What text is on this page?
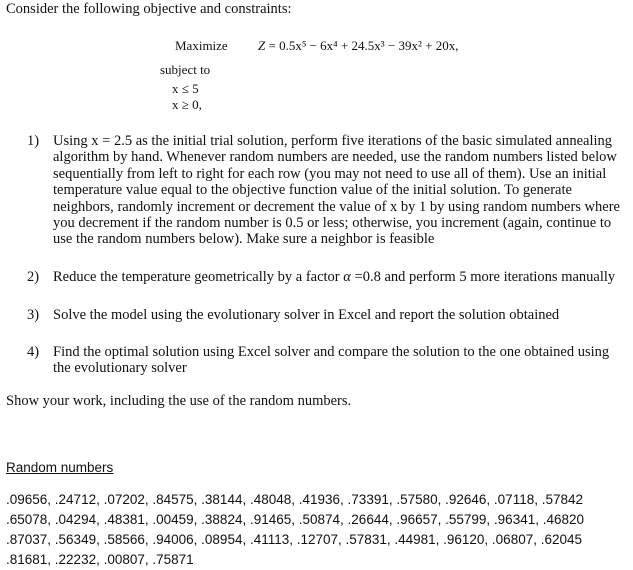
Consider the following objective and constraints:
Maximize Z = 0.5x⁵ − 6x⁴ + 24.5x³ − 39x² + 20x,
subject to
x ≤ 5
x ≥ 0,
1) Using x = 2.5 as the initial trial solution, perform five iterations of the basic simulated annealing algorithm by hand. Whenever random numbers are needed, use the random numbers listed below sequentially from left to right for each row (you may not need to use all of them). Use an initial temperature value equal to the objective function value of the initial solution. To generate neighbors, randomly increment or decrement the value of x by 1 by using random numbers where you decrement if the random number is 0.5 or less; otherwise, you increment (again, continue to use the random numbers below). Make sure a neighbor is feasible
2) Reduce the temperature geometrically by a factor α =0.8 and perform 5 more iterations manually
3) Solve the model using the evolutionary solver in Excel and report the solution obtained
4) Find the optimal solution using Excel solver and compare the solution to the one obtained using the evolutionary solver
Show your work, including the use of the random numbers.
Random numbers
.09656, .24712, .07202, .84575, .38144, .48048, .41936, .73391, .57580, .92646, .07118, .57842
.65078, .04294, .48381, .00459, .38824, .91465, .50874, .26644, .96657, .55799, .96341, .46820
.87037, .56349, .58566, .94006, .08954, .41113, .12707, .57831, .44981, .96120, .06807, .62045
.81681, .22232, .00807, .75871
